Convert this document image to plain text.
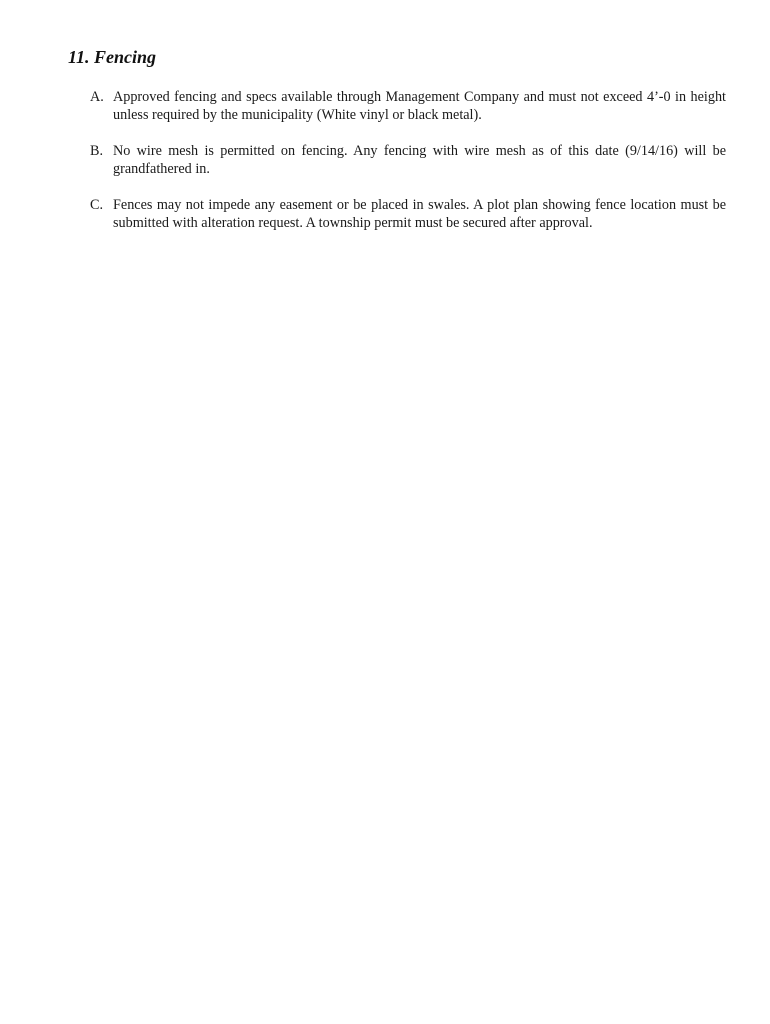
11. Fencing
A. Approved fencing and specs available through Management Company and must not exceed 4’-0 in height unless required by the municipality (White vinyl or black metal).
B. No wire mesh is permitted on fencing. Any fencing with wire mesh as of this date (9/14/16) will be grandfathered in.
C. Fences may not impede any easement or be placed in swales. A plot plan showing fence location must be submitted with alteration request. A township permit must be secured after approval.
